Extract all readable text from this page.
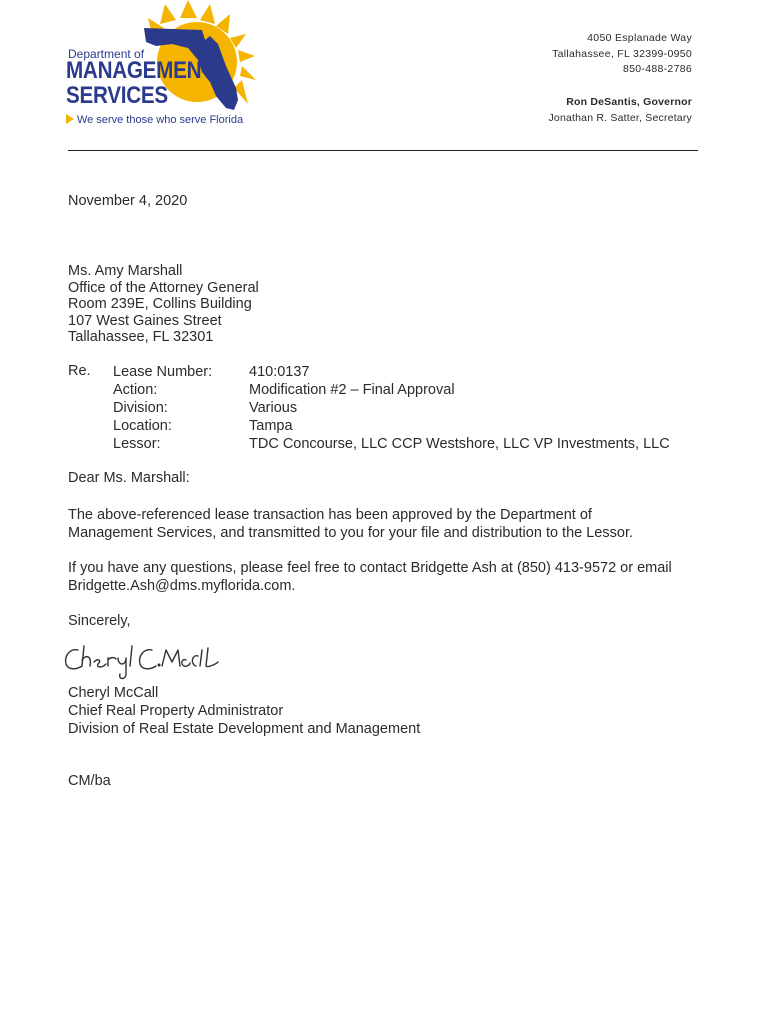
Department of
MANAGEMENT
SERVICES
We serve those who serve Florida
4050 Esplanade Way
Tallahassee, FL 32399-0950
850-488-2786
Ron DeSantis, Governor
Jonathan R. Satter, Secretary
November 4, 2020
Ms. Amy Marshall
Office of the Attorney General
Room 239E, Collins Building
107 West Gaines Street
Tallahassee, FL 32301
Re. Lease Number:
Action:
Division:
Location:
Lessor:
410:0137
Modification #2 – Final Approval
Various
Tampa
TDC Concourse, LLC CCP Westshore, LLC VP Investments, LLC
Dear Ms. Marshall:
The above-referenced lease transaction has been approved by the Department of
Management Services, and transmitted to you for your file and distribution to the Lessor.
If you have any questions, please feel free to contact Bridgette Ash at (850) 413-9572 or email
Bridgette.Ash@dms.myflorida.com.
Sincerely,
Cheryl McCall
Chief Real Property Administrator
Division of Real Estate Development and Management
CM/ba
